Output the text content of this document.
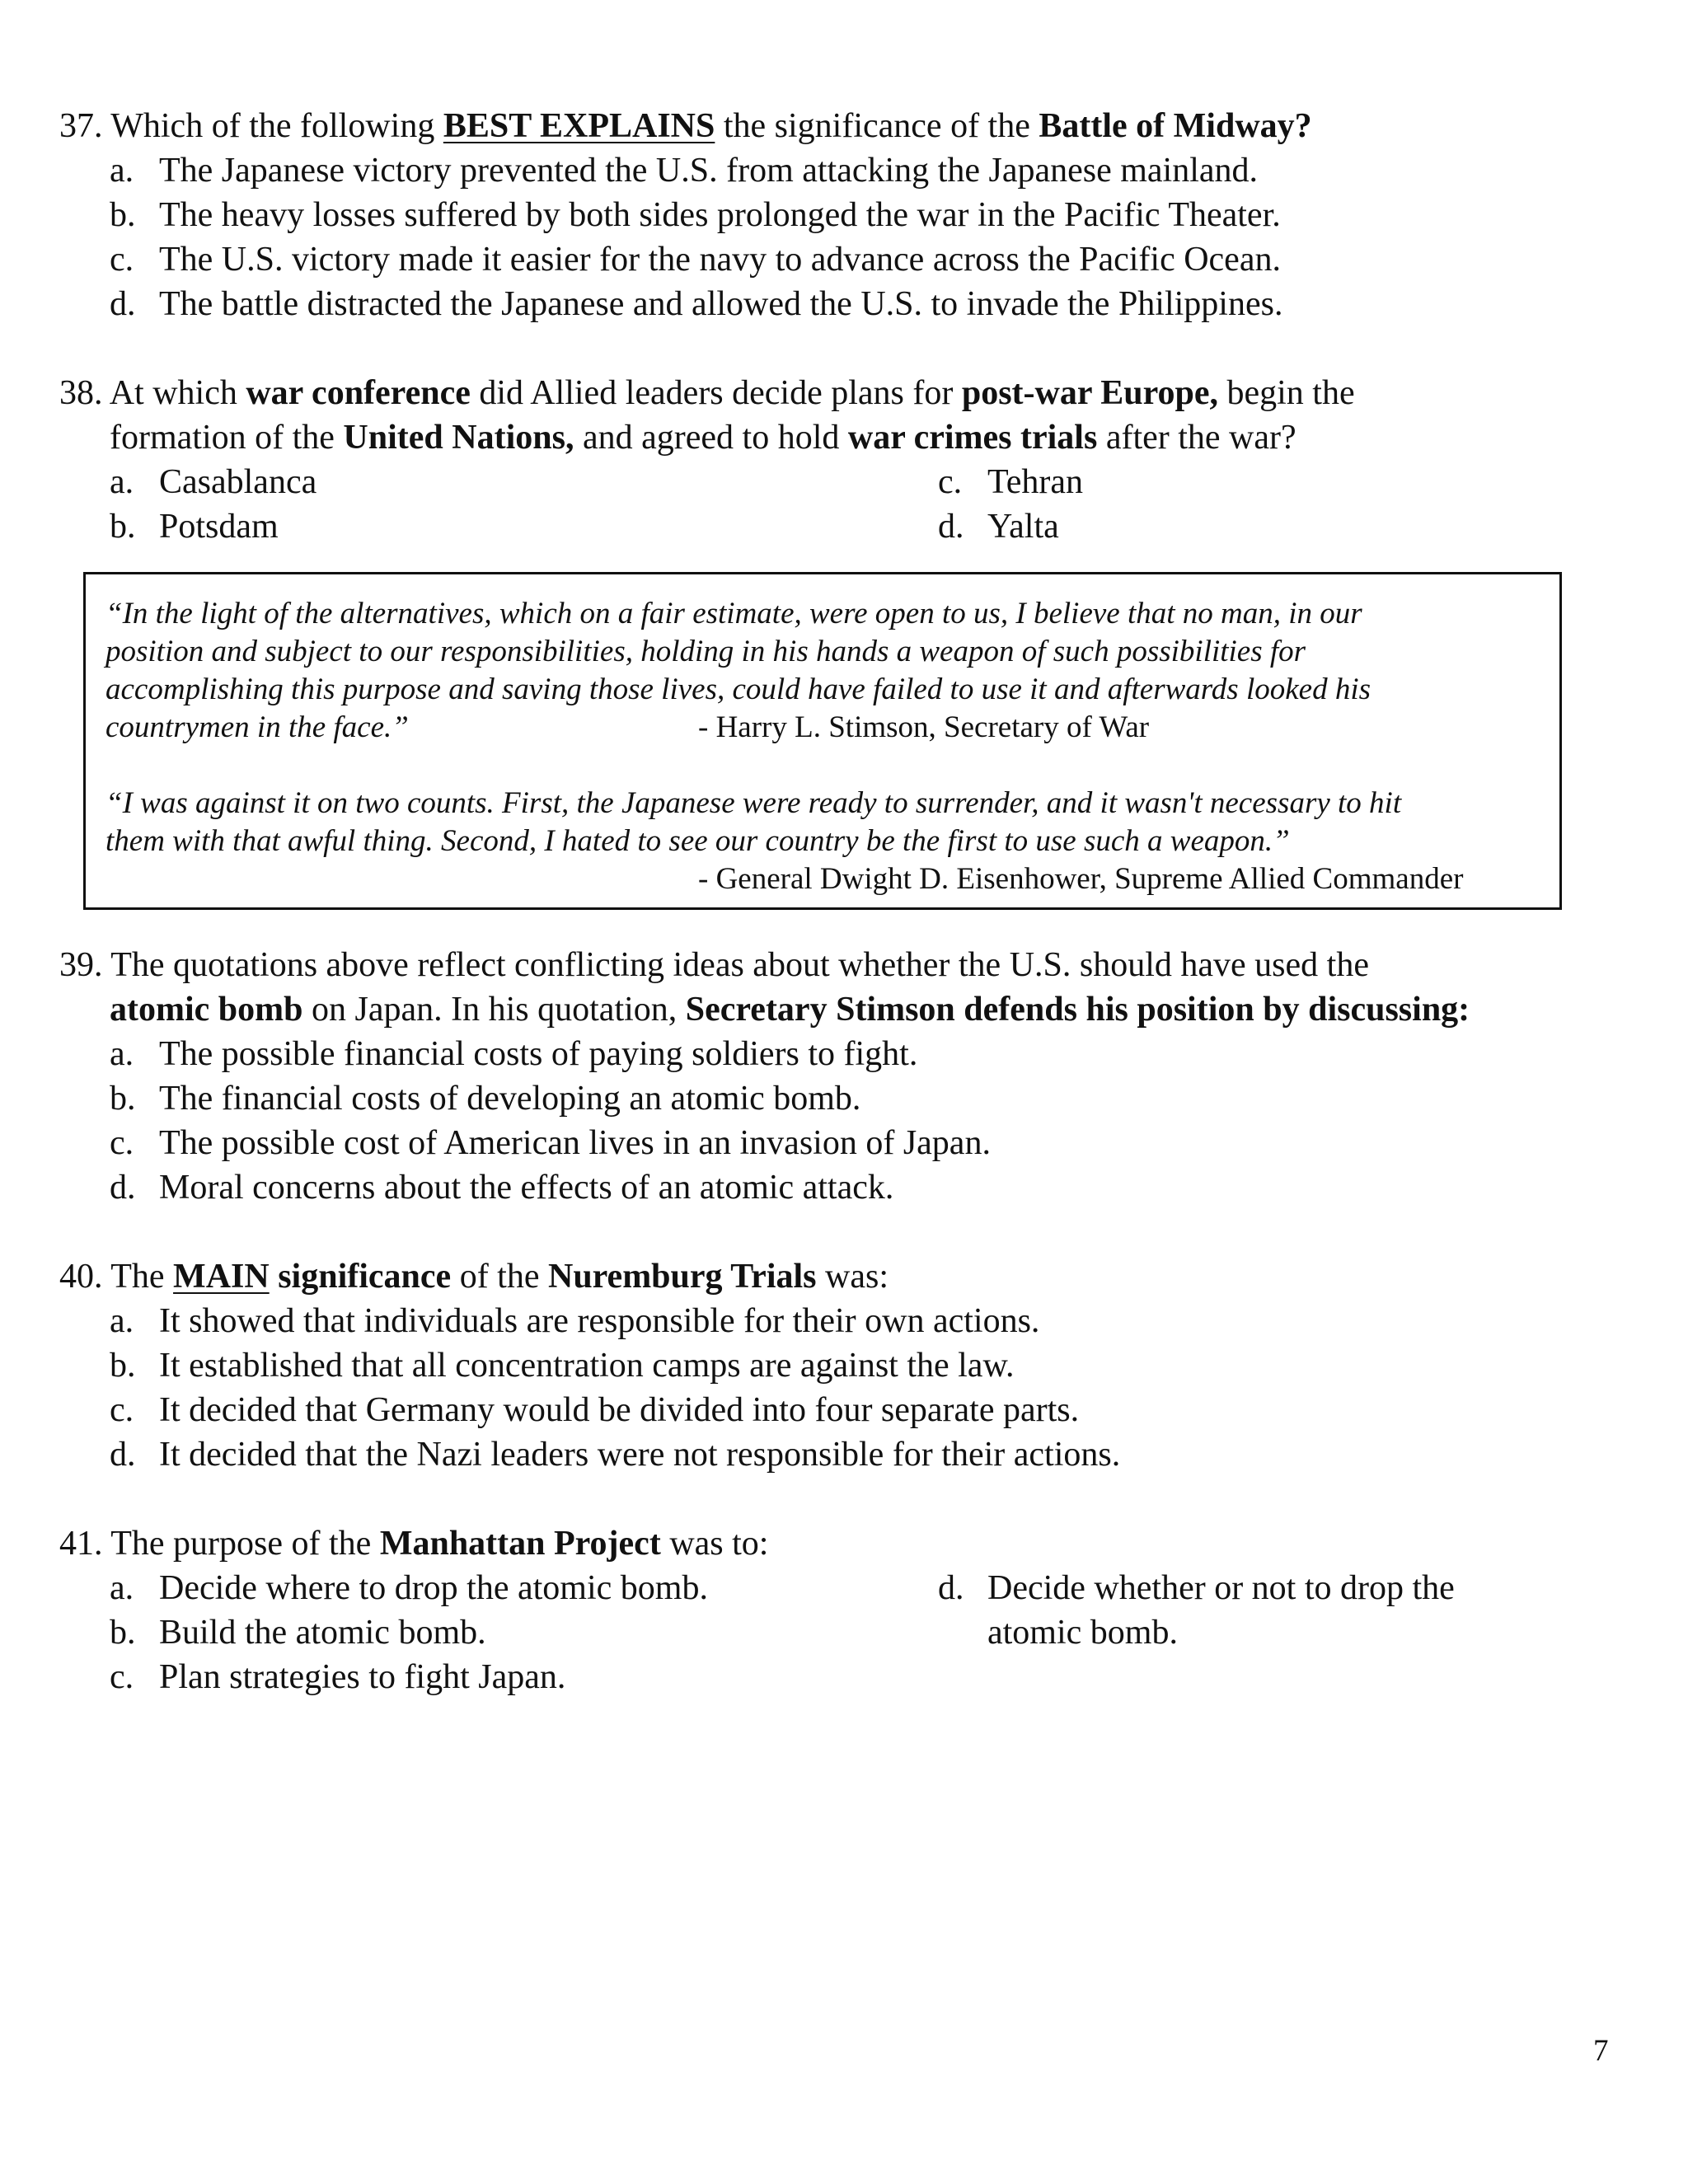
37. Which of the following BEST EXPLAINS the significance of the Battle of Midway?
a. The Japanese victory prevented the U.S. from attacking the Japanese mainland.
b. The heavy losses suffered by both sides prolonged the war in the Pacific Theater.
c. The U.S. victory made it easier for the navy to advance across the Pacific Ocean.
d. The battle distracted the Japanese and allowed the U.S. to invade the Philippines.
38. At which war conference did Allied leaders decide plans for post-war Europe, begin the
formation of the United Nations, and agreed to hold war crimes trials after the war?
a. Casablanca
b. Potsdam
c. Tehran
d. Yalta
“In the light of the alternatives, which on a fair estimate, were open to us, I believe that no man, in our
position and subject to our responsibilities, holding in his hands a weapon of such possibilities for
accomplishing this purpose and saving those lives, could have failed to use it and afterwards looked his
countrymen in the face.”	- Harry L. Stimson, Secretary of War
“I was against it on two counts. First, the Japanese were ready to surrender, and it wasn't necessary to hit
them with that awful thing. Second, I hated to see our country be the first to use such a weapon.”
- General Dwight D. Eisenhower, Supreme Allied Commander
39. The quotations above reflect conflicting ideas about whether the U.S. should have used the
atomic bomb on Japan. In his quotation, Secretary Stimson defends his position by discussing:
a. The possible financial costs of paying soldiers to fight.
b. The financial costs of developing an atomic bomb.
c. The possible cost of American lives in an invasion of Japan.
d. Moral concerns about the effects of an atomic attack.
40. The MAIN significance of the Nuremburg Trials was:
a. It showed that individuals are responsible for their own actions.
b. It established that all concentration camps are against the law.
c. It decided that Germany would be divided into four separate parts.
d. It decided that the Nazi leaders were not responsible for their actions.
41. The purpose of the Manhattan Project was to:
a. Decide where to drop the atomic bomb.
b. Build the atomic bomb.
c. Plan strategies to fight Japan.
d. Decide whether or not to drop the
atomic bomb.
7
